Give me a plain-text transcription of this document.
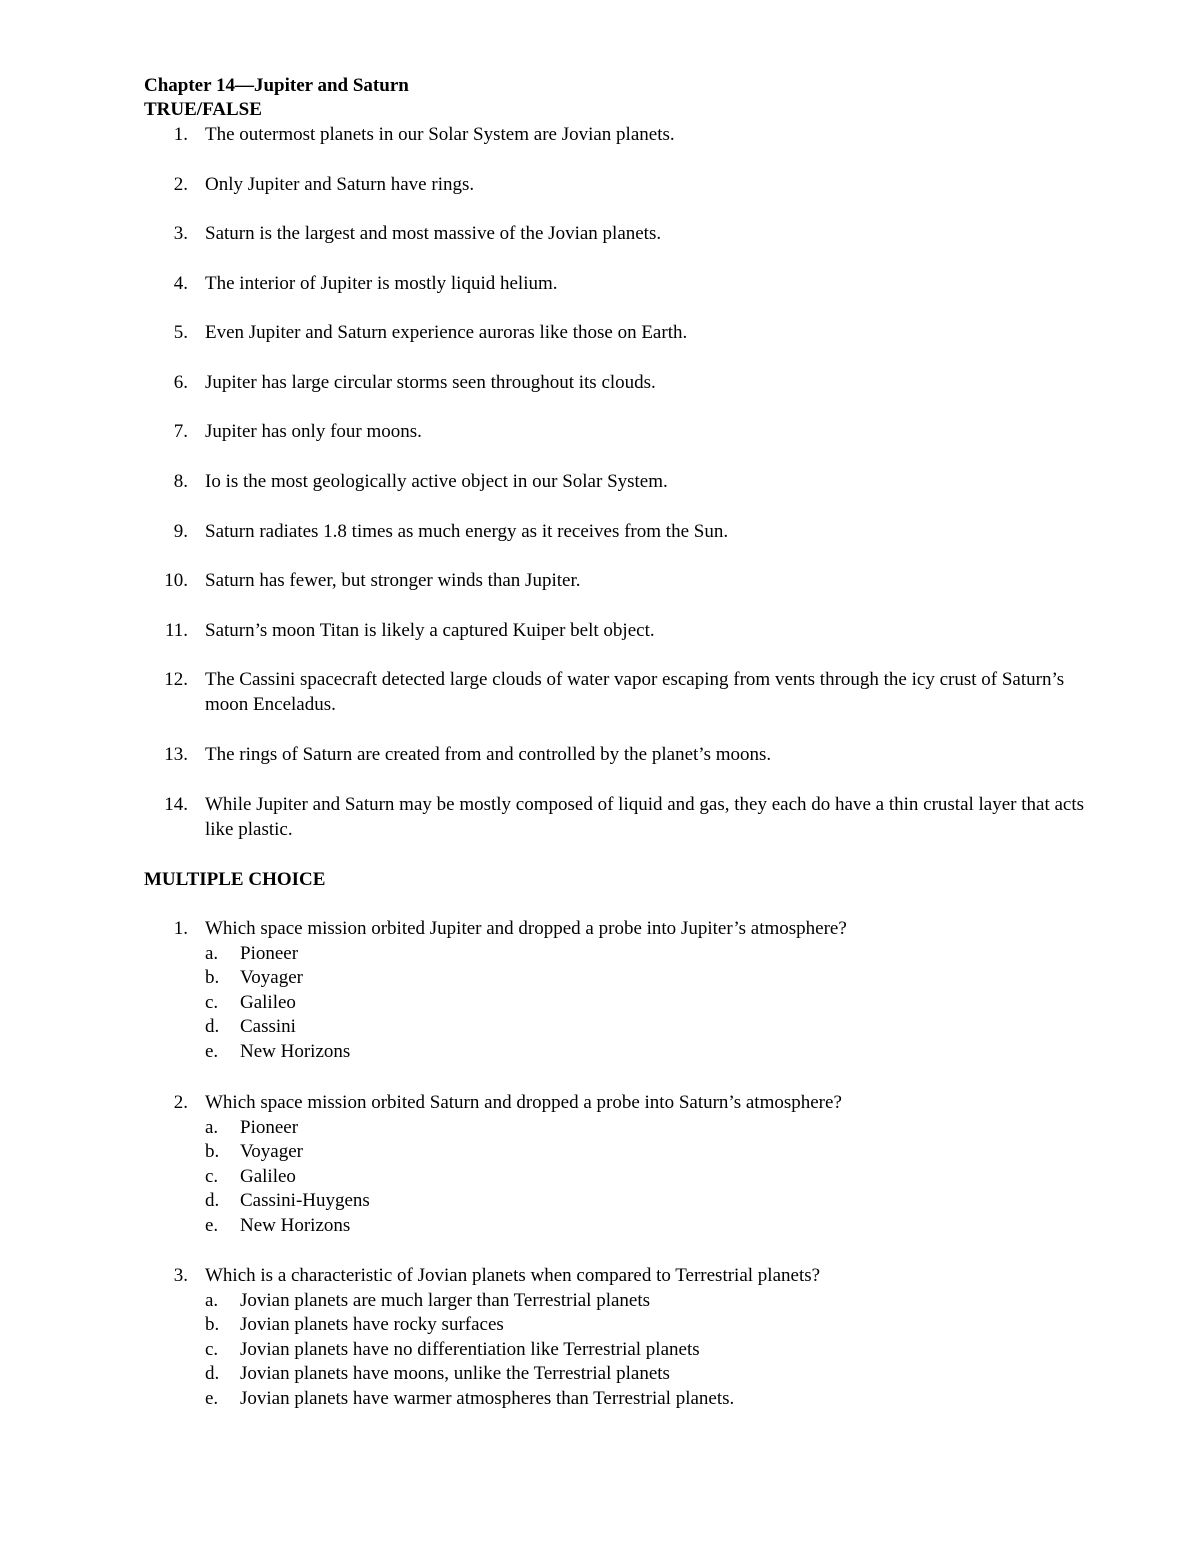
Chapter 14—Jupiter and Saturn
TRUE/FALSE
1. The outermost planets in our Solar System are Jovian planets.
2. Only Jupiter and Saturn have rings.
3. Saturn is the largest and most massive of the Jovian planets.
4. The interior of Jupiter is mostly liquid helium.
5. Even Jupiter and Saturn experience auroras like those on Earth.
6. Jupiter has large circular storms seen throughout its clouds.
7. Jupiter has only four moons.
8. Io is the most geologically active object in our Solar System.
9. Saturn radiates 1.8 times as much energy as it receives from the Sun.
10. Saturn has fewer, but stronger winds than Jupiter.
11. Saturn’s moon Titan is likely a captured Kuiper belt object.
12. The Cassini spacecraft detected large clouds of water vapor escaping from vents through the icy crust of Saturn’s moon Enceladus.
13. The rings of Saturn are created from and controlled by the planet’s moons.
14. While Jupiter and Saturn may be mostly composed of liquid and gas, they each do have a thin crustal layer that acts like plastic.
MULTIPLE CHOICE
1. Which space mission orbited Jupiter and dropped a probe into Jupiter’s atmosphere?
a.	Pioneer
b.	Voyager
c.	Galileo
d.	Cassini
e.	New Horizons
2. Which space mission orbited Saturn and dropped a probe into Saturn’s atmosphere?
a.	Pioneer
b.	Voyager
c.	Galileo
d.	Cassini-Huygens
e.	New Horizons
3. Which is a characteristic of Jovian planets when compared to Terrestrial planets?
a.	Jovian planets are much larger than Terrestrial planets
b.	Jovian planets have rocky surfaces
c.	Jovian planets have no differentiation like Terrestrial planets
d.	Jovian planets have moons, unlike the Terrestrial planets
e.	Jovian planets have warmer atmospheres than Terrestrial planets.
